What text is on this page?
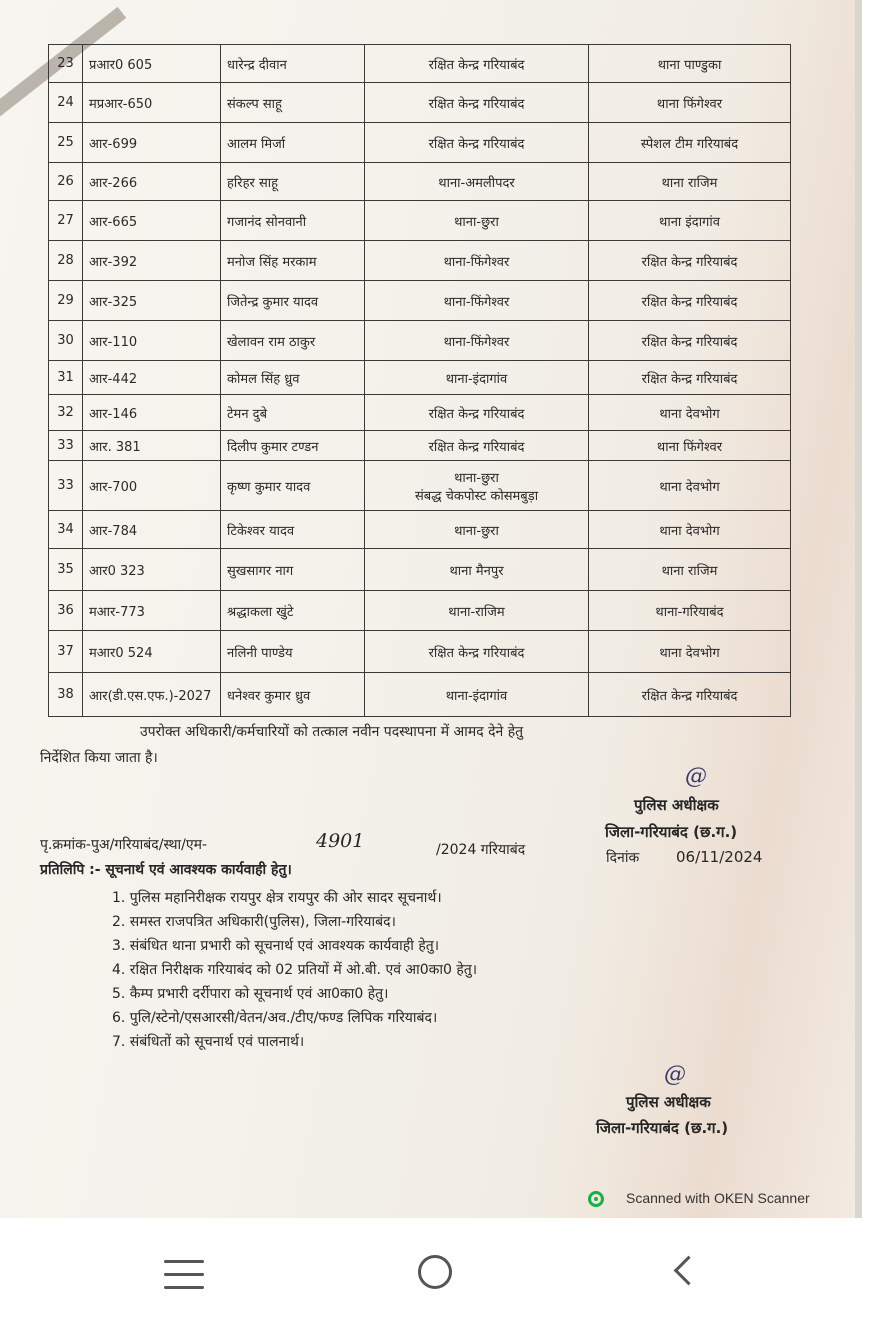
23	प्रआर0 605	धारेन्द्र दीवान	रक्षित केन्द्र गरियाबंद	थाना पाण्डुका

24	मप्रआर-650	संकल्प साहू	रक्षित केन्द्र गरियाबंद	थाना फिंगेश्वर

25	आर-699	आलम मिर्जा	रक्षित केन्द्र गरियाबंद	स्पेशल टीम गरियाबंद

26	आर-266	हरिहर साहू	थाना-अमलीपदर	थाना राजिम

27	आर-665	गजानंद सोनवानी	थाना-छुरा	थाना इंदागांव

28	आर-392	मनोज सिंह मरकाम	थाना-फिंगेश्वर	रक्षित केन्द्र गरियाबंद

29	आर-325	जितेन्द्र कुमार यादव	थाना-फिंगेश्वर	रक्षित केन्द्र गरियाबंद

30	आर-110	खेलावन राम ठाकुर	थाना-फिंगेश्वर	रक्षित केन्द्र गरियाबंद

31	आर-442	कोमल सिंह ध्रुव	थाना-इंदागांव	रक्षित केन्द्र गरियाबंद

32	आर-146	टेमन दुबे	रक्षित केन्द्र गरियाबंद	थाना देवभोग

33	आर. 381	दिलीप कुमार टण्डन	रक्षित केन्द्र गरियाबंद	थाना फिंगेश्वर

33	आर-700	कृष्ण कुमार यादव	थाना-छुरा
संबद्ध चेकपोस्ट कोसमबुड़ा	थाना देवभोग

34	आर-784	टिकेश्वर यादव	थाना-छुरा	थाना देवभोग

35	आर0 323	सुखसागर नाग	थाना मैनपुर	थाना राजिम

36	मआर-773	श्रद्धाकला खुंटे	थाना-राजिम	थाना-गरियाबंद

37	मआर0 524	नलिनी पाण्डेय	रक्षित केन्द्र गरियाबंद	थाना देवभोग

38	आर(डी.एस.एफ.)-2027	धनेश्वर कुमार ध्रुव	थाना-इंदागांव	रक्षित केन्द्र गरियाबंद
उपरोक्त अधिकारी/कर्मचारियों को तत्काल नवीन पदस्थापना में आमद देने हेतु
निर्देशित किया जाता है।
@
पुलिस अधीक्षक
जिला-गरियाबंद (छ.ग.)
पृ.क्रमांक-पुअ/गरियाबंद/स्था/एम-	4901	/2024 गरियाबंद	दिनांक 06/11/2024
प्रतिलिपि :- सूचनार्थ एवं आवश्यक कार्यवाही हेतु।
1. पुलिस महानिरीक्षक रायपुर क्षेत्र रायपुर की ओर सादर सूचनार्थ।
2. समस्त राजपत्रित अधिकारी(पुलिस), जिला-गरियाबंद।
3. संबंधित थाना प्रभारी को सूचनार्थ एवं आवश्यक कार्यवाही हेतु।
4. रक्षित निरीक्षक गरियाबंद को 02 प्रतियों में ओ.बी. एवं आ0का0 हेतु।
5. कैम्प प्रभारी दर्रीपारा को सूचनार्थ एवं आ0का0 हेतु।
6. पुलि/स्टेनो/एसआरसी/वेतन/अव./टीए/फण्ड लिपिक गरियाबंद।
7. संबंधितों को सूचनार्थ एवं पालनार्थ।
@
पुलिस अधीक्षक
जिला-गरियाबंद (छ.ग.)
Scanned with OKEN Scanner
